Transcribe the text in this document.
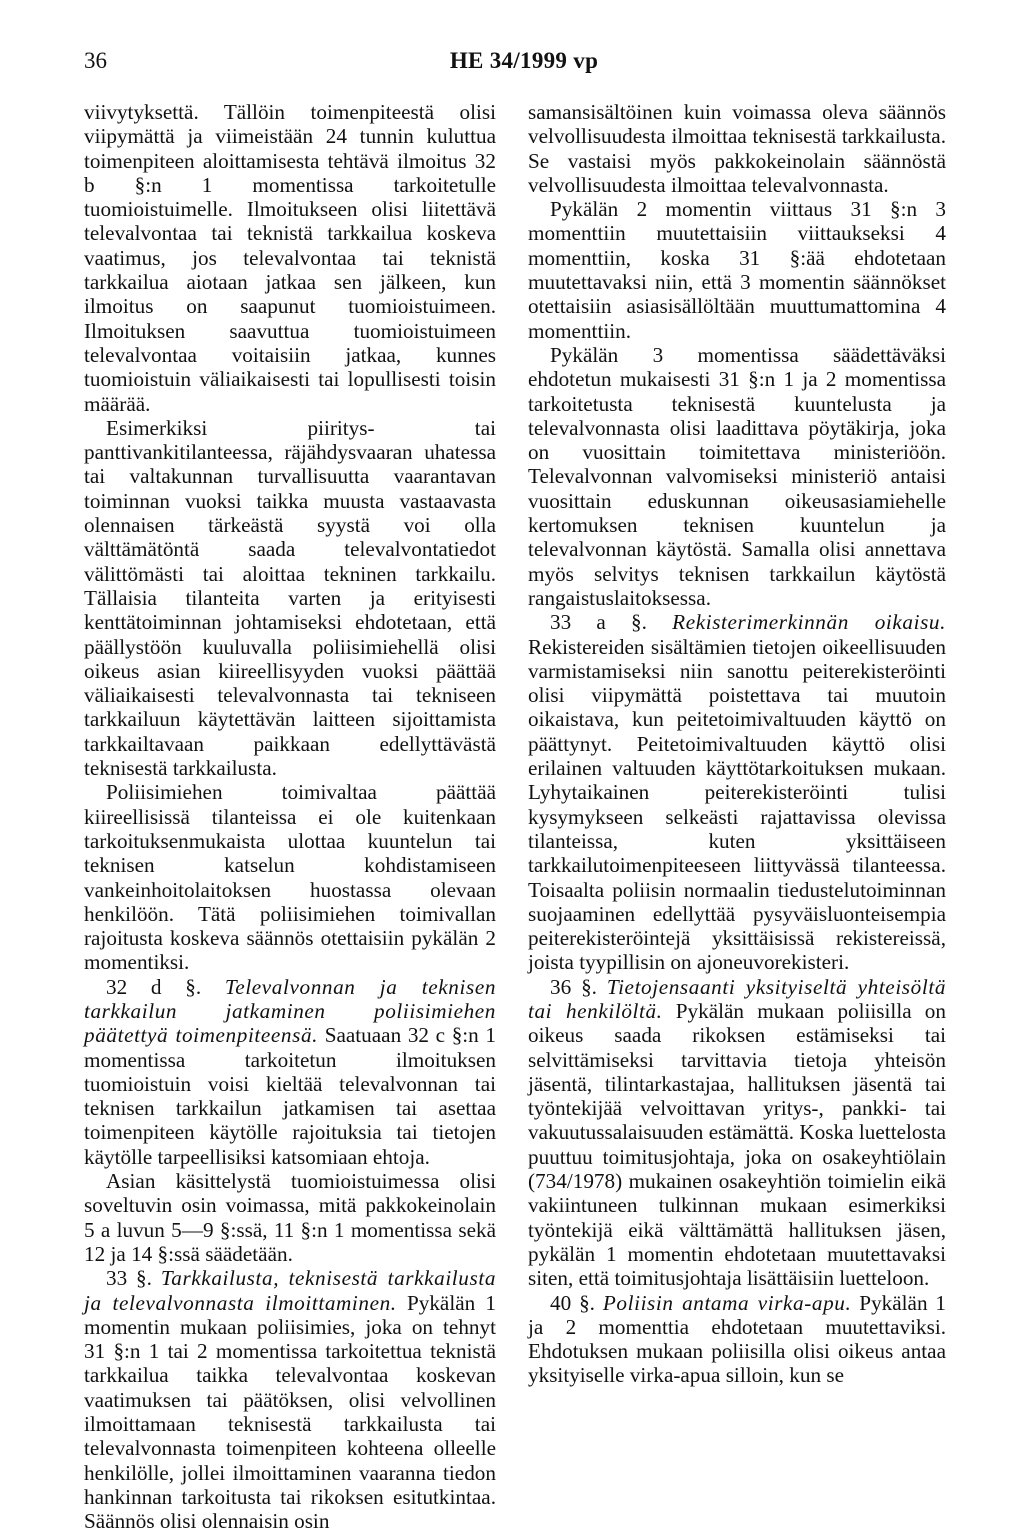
36	HE 34/1999 vp

viivytyksettä. Tällöin toimenpiteestä olisi viipymättä ja viimeistään 24 tunnin kuluttua toimenpiteen aloittamisesta tehtävä ilmoitus 32 b §:n 1 momentissa tarkoitetulle tuomioistuimelle. Ilmoitukseen olisi liitettävä televalvontaa tai teknistä tarkkailua koskeva vaatimus, jos televalvontaa tai teknistä tarkkailua aiotaan jatkaa sen jälkeen, kun ilmoitus on saapunut tuomioistuimeen. Ilmoituksen saavuttua tuomioistuimeen televalvontaa voitaisiin jatkaa, kunnes tuomioistuin väliaikaisesti tai lopullisesti toisin määrää.

Esimerkiksi piiritys- tai panttivankitilanteessa, räjähdysvaaran uhatessa tai valtakunnan turvallisuutta vaarantavan toiminnan vuoksi taikka muusta vastaavasta olennaisen tärkeästä syystä voi olla välttämätöntä saada televalvontatiedot välittömästi tai aloittaa tekninen tarkkailu. Tällaisia tilanteita varten ja erityisesti kenttätoiminnan johtamiseksi ehdotetaan, että päällystöön kuuluvalla poliisimiehellä olisi oikeus asian kiireellisyyden vuoksi päättää väliaikaisesti televalvonnasta tai tekniseen tarkkailuun käytettävän laitteen sijoittamista tarkkailtavaan paikkaan edellyttävästä teknisestä tarkkailusta.

Poliisimiehen toimivaltaa päättää kiireellisissä tilanteissa ei ole kuitenkaan tarkoituksenmukaista ulottaa kuuntelun tai teknisen katselun kohdistamiseen vankeinhoitolaitoksen huostassa olevaan henkilöön. Tätä poliisimiehen toimivallan rajoitusta koskeva säännös otettaisiin pykälän 2 momentiksi.

32 d §. Televalvonnan ja teknisen tarkkailun jatkaminen poliisimiehen päätettyä toimenpiteensä. Saatuaan 32 c §:n 1 momentissa tarkoitetun ilmoituksen tuomioistuin voisi kieltää televalvonnan tai teknisen tarkkailun jatkamisen tai asettaa toimenpiteen käytölle rajoituksia tai tietojen käytölle tarpeellisiksi katsomiaan ehtoja.

Asian käsittelystä tuomioistuimessa olisi soveltuvin osin voimassa, mitä pakkokeinolain 5 a luvun 5—9 §:ssä, 11 §:n 1 momentissa sekä 12 ja 14 §:ssä säädetään.

33 §. Tarkkailusta, teknisestä tarkkailusta ja televalvonnasta ilmoittaminen. Pykälän 1 momentin mukaan poliisimies, joka on tehnyt 31 §:n 1 tai 2 momentissa tarkoitettua teknistä tarkkailua taikka televalvontaa koskevan vaatimuksen tai päätöksen, olisi velvollinen ilmoittamaan teknisestä tarkkailusta tai televalvonnasta toimenpiteen kohteena olleelle henkilölle, jollei ilmoittaminen vaaranna tiedon hankinnan tarkoitusta tai rikoksen esitutkintaa. Säännös olisi olennaisin osin

samansisältöinen kuin voimassa oleva säännös velvollisuudesta ilmoittaa teknisestä tarkkailusta. Se vastaisi myös pakkokeinolain säännöstä velvollisuudesta ilmoittaa televalvonnasta.

Pykälän 2 momentin viittaus 31 §:n 3 momenttiin muutettaisiin viittaukseksi 4 momenttiin, koska 31 §:ää ehdotetaan muutettavaksi niin, että 3 momentin säännökset otettaisiin asiasisällöltään muuttumattomina 4 momenttiin.

Pykälän 3 momentissa säädettäväksi ehdotetun mukaisesti 31 §:n 1 ja 2 momentissa tarkoitetusta teknisestä kuuntelusta ja televalvonnasta olisi laadittava pöytäkirja, joka on vuosittain toimitettava ministeriöön. Televalvonnan valvomiseksi ministeriö antaisi vuosittain eduskunnan oikeusasiamiehelle kertomuksen teknisen kuuntelun ja televalvonnan käytöstä. Samalla olisi annettava myös selvitys teknisen tarkkailun käytöstä rangaistuslaitoksessa.

33 a §. Rekisterimerkinnän oikaisu. Rekistereiden sisältämien tietojen oikeellisuuden varmistamiseksi niin sanottu peiterekisteröinti olisi viipymättä poistettava tai muutoin oikaistava, kun peitetoimivaltuuden käyttö on päättynyt. Peitetoimivaltuuden käyttö olisi erilainen valtuuden käyttötarkoituksen mukaan. Lyhytaikainen peiterekisteröinti tulisi kysymykseen selkeästi rajattavissa olevissa tilanteissa, kuten yksittäiseen tarkkailutoimenpiteeseen liittyvässä tilanteessa. Toisaalta poliisin normaalin tiedustelutoiminnan suojaaminen edellyttää pysyväisluonteisempia peiterekisteröintejä yksittäisissä rekistereissä, joista tyypillisin on ajoneuvorekisteri.

36 §. Tietojensaanti yksityiseltä yhteisöltä tai henkilöltä. Pykälän mukaan poliisilla on oikeus saada rikoksen estämiseksi tai selvittämiseksi tarvittavia tietoja yhteisön jäsentä, tilintarkastajaa, hallituksen jäsentä tai työntekijää velvoittavan yritys-, pankki- tai vakuutussalaisuuden estämättä. Koska luettelosta puuttuu toimitusjohtaja, joka on osakeyhtiölain (734/1978) mukainen osakeyhtiön toimielin eikä vakiintuneen tulkinnan mukaan esimerkiksi työntekijä eikä välttämättä hallituksen jäsen, pykälän 1 momentin ehdotetaan muutettavaksi siten, että toimitusjohtaja lisättäisiin luetteloon.

40 §. Poliisin antama virka-apu. Pykälän 1 ja 2 momenttia ehdotetaan muutettaviksi. Ehdotuksen mukaan poliisilla olisi oikeus antaa yksityiselle virka-apua silloin, kun se
